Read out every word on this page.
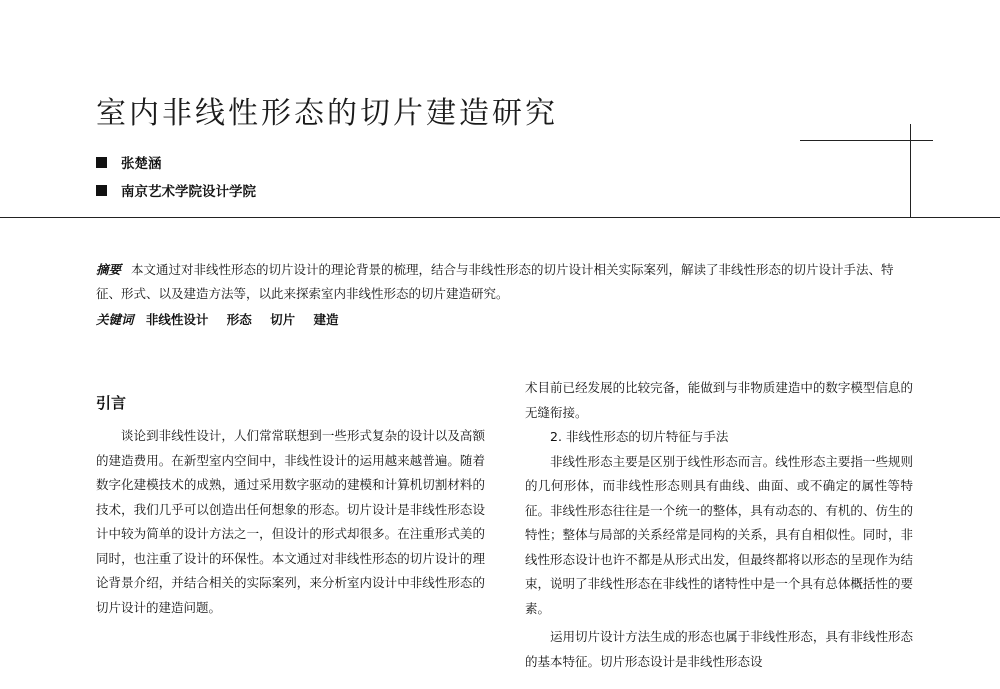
室内非线性形态的切片建造研究
张楚涵
南京艺术学院设计学院
摘要 本文通过对非线性形态的切片设计的理论背景的梳理，结合与非线性形态的切片设计相关实际案列，解读了非线性形态的切片设计手法、特征、形式、以及建造方法等，以此来探索室内非线性形态的切片建造研究。
关键词 非线性设计 形态 切片 建造
引言

谈论到非线性设计，人们常常联想到一些形式复杂的设计以及高额的建造费用。在新型室内空间中，非线性设计的运用越来越普遍。随着数字化建模技术的成熟，通过采用数字驱动的建模和计算机切割材料的技术，我们几乎可以创造出任何想象的形态。切片设计是非线性形态设计中较为简单的设计方法之一，但设计的形式却很多。在注重形式美的同时，也注重了设计的环保性。本文通过对非线性形态的切片设计的理论背景介绍，并结合相关的实际案列，来分析室内设计中非线性形态的切片设计的建造问题。

术目前已经发展的比较完备，能做到与非物质建造中的数字模型信息的无缝衔接。

2. 非线性形态的切片特征与手法

非线性形态主要是区别于线性形态而言。线性形态主要指一些规则的几何形体，而非线性形态则具有曲线、曲面、或不确定的属性等特征。非线性形态往往是一个统一的整体，具有动态的、有机的、仿生的特性；整体与局部的关系经常是同构的关系，具有自相似性。同时，非线性形态设计也许不都是从形式出发，但最终都将以形态的呈现作为结束，说明了非线性形态在非线性的诸特性中是一个具有总体概括性的要素。

运用切片设计方法生成的形态也属于非线性形态，具有非线性形态的基本特征。切片形态设计是非线性形态设
